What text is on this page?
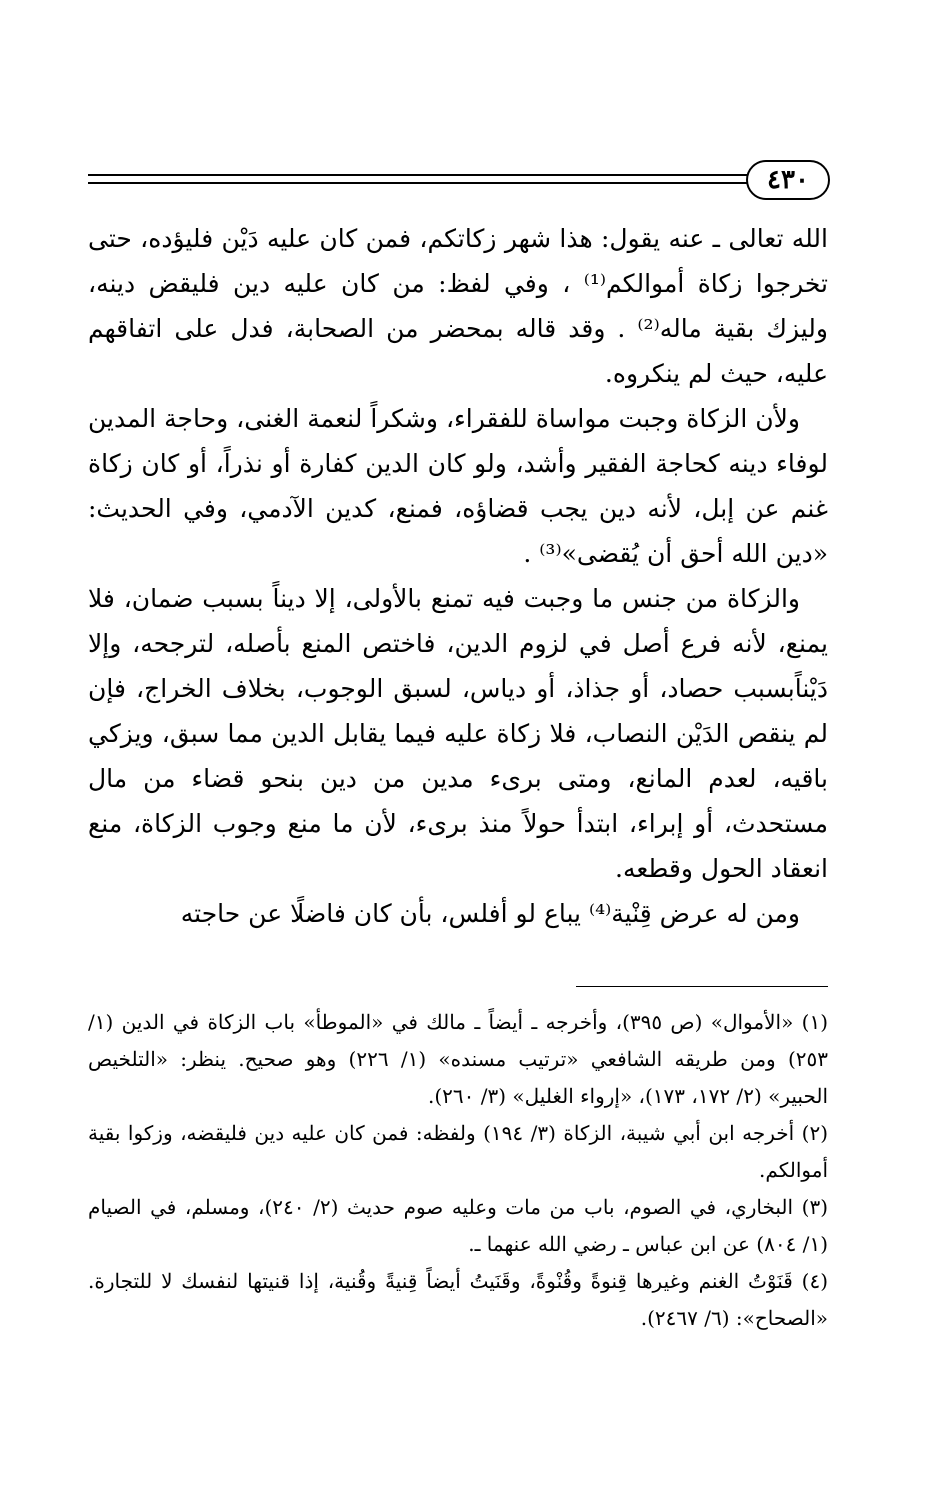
٤٣٠

الله تعالى ـ عنه يقول: هذا شهر زكاتكم، فمن كان عليه دَيْن فليؤده، حتى تخرجوا زكاة أموالكم⁽¹⁾ ، وفي لفظ: من كان عليه دين فليقض دينه، وليزك بقية ماله⁽²⁾ . وقد قاله بمحضر من الصحابة، فدل على اتفاقهم عليه، حيث لم ينكروه.

ولأن الزكاة وجبت مواساة للفقراء، وشكراً لنعمة الغنى، وحاجة المدين لوفاء دينه كحاجة الفقير وأشد، ولو كان الدين كفارة أو نذراً، أو كان زكاة غنم عن إبل، لأنه دين يجب قضاؤه، فمنع، كدين الآدمي، وفي الحديث: «دين الله أحق أن يُقضى»⁽³⁾ .

والزكاة من جنس ما وجبت فيه تمنع بالأولى، إلا ديناً بسبب ضمان، فلا يمنع، لأنه فرع أصل في لزوم الدين، فاختص المنع بأصله، لترجحه، وإلا دَيْناًبسبب حصاد، أو جذاذ، أو دياس، لسبق الوجوب، بخلاف الخراج، فإن لم ينقص الدَيْن النصاب، فلا زكاة عليه فيما يقابل الدين مما سبق، ويزكي باقيه، لعدم المانع، ومتى برىء مدين من دين بنحو قضاء من مال مستحدث، أو إبراء، ابتدأ حولاً منذ برىء، لأن ما منع وجوب الزكاة، منع انعقاد الحول وقطعه.

ومن له عرض قِنْية⁽⁴⁾ يباع لو أفلس، بأن كان فاضلًا عن حاجته

(١) «الأموال» (ص ٣٩٥)، وأخرجه ـ أيضاً ـ مالك في «الموطأ» باب الزكاة في الدين (١/ ٢٥٣) ومن طريقه الشافعي «ترتيب مسنده» (١/ ٢٢٦) وهو صحيح. ينظر: «التلخيص الحبير» (٢/ ١٧٢، ١٧٣)، «إرواء الغليل» (٣/ ٢٦٠).

(٢) أخرجه ابن أبي شيبة، الزكاة (٣/ ١٩٤) ولفظه: فمن كان عليه دين فليقضه، وزكوا بقية أموالكم.

(٣) البخاري، في الصوم، باب من مات وعليه صوم حديث (٢/ ٢٤٠)، ومسلم، في الصيام (١/ ٨٠٤) عن ابن عباس ـ رضي الله عنهما ـ.

(٤) قَنَوْتُ الغنم وغيرها قِنوةً وقُنْوةً، وقَنَيتُ أيضاً قِنيةً وقُنية، إذا قنيتها لنفسك لا للتجارة. «الصحاح»: (٦/ ٢٤٦٧).
